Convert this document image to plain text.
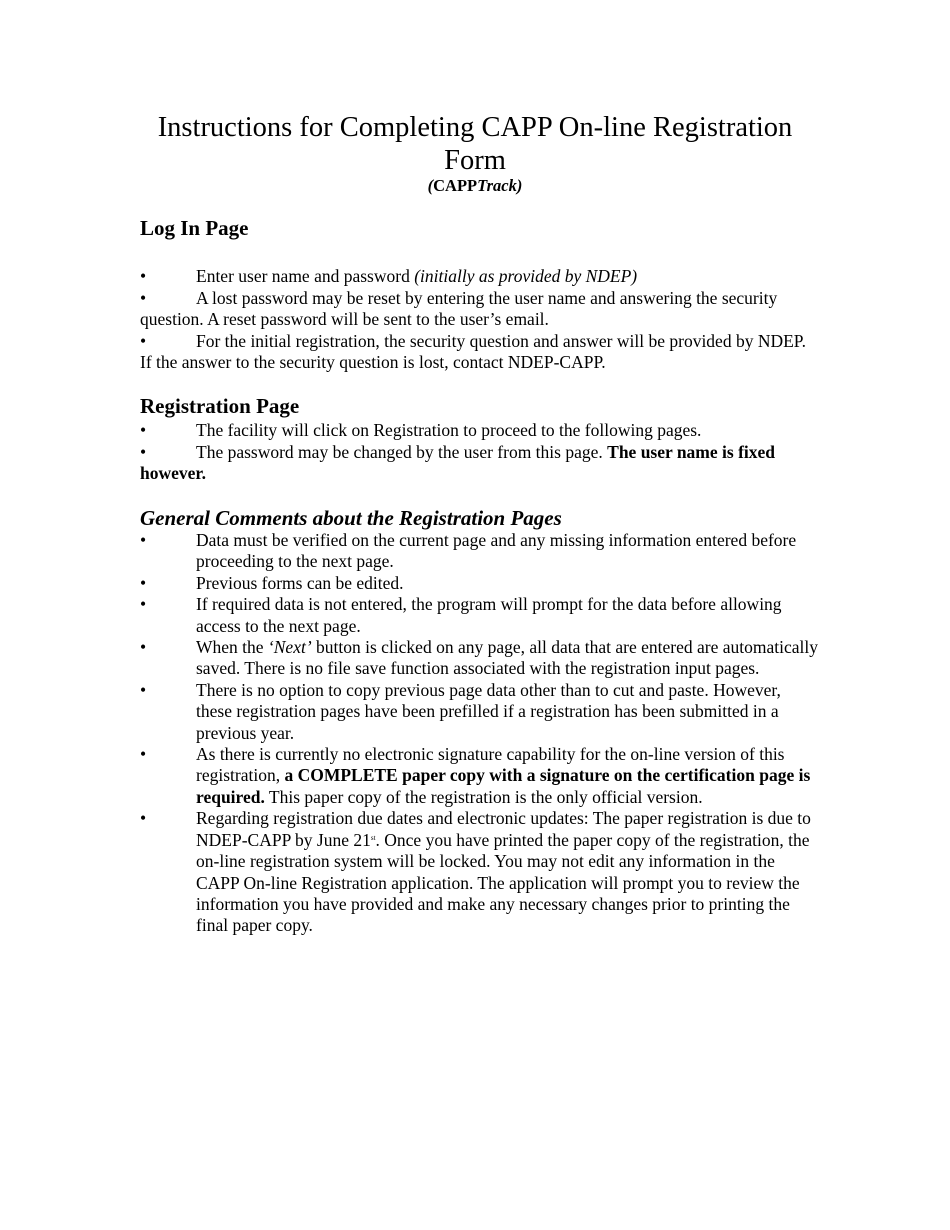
Instructions for Completing CAPP On-line Registration Form
(CAPPTrack)
Log In Page

•	Enter user name and password (initially as provided by NDEP)

•	A lost password may be reset by entering the user name and answering the security question. A reset password will be sent to the user’s email.

•	For the initial registration, the security question and answer will be provided by NDEP. If the answer to the security question is lost, contact NDEP-CAPP.

Registration Page

•	The facility will click on Registration to proceed to the following pages.

•	The password may be changed by the user from this page. The user name is fixed however.

General Comments about the Registration Pages
•	Data must be verified on the current page and any missing information entered before proceeding to the next page.
•	Previous forms can be edited.
•	If required data is not entered, the program will prompt for the data before allowing access to the next page.
•	When the ‘Next’ button is clicked on any page, all data that are entered are automatically saved. There is no file save function associated with the registration input pages.
•	There is no option to copy previous page data other than to cut and paste. However, these registration pages have been prefilled if a registration has been submitted in a previous year.
•	As there is currently no electronic signature capability for the on-line version of this registration, a COMPLETE paper copy with a signature on the certification page is required. This paper copy of the registration is the only official version.
•	Regarding registration due dates and electronic updates: The paper registration is due to NDEP-CAPP by June 21st. Once you have printed the paper copy of the registration, the on-line registration system will be locked. You may not edit any information in the CAPP On-line Registration application. The application will prompt you to review the information you have provided and make any necessary changes prior to printing the final paper copy.
